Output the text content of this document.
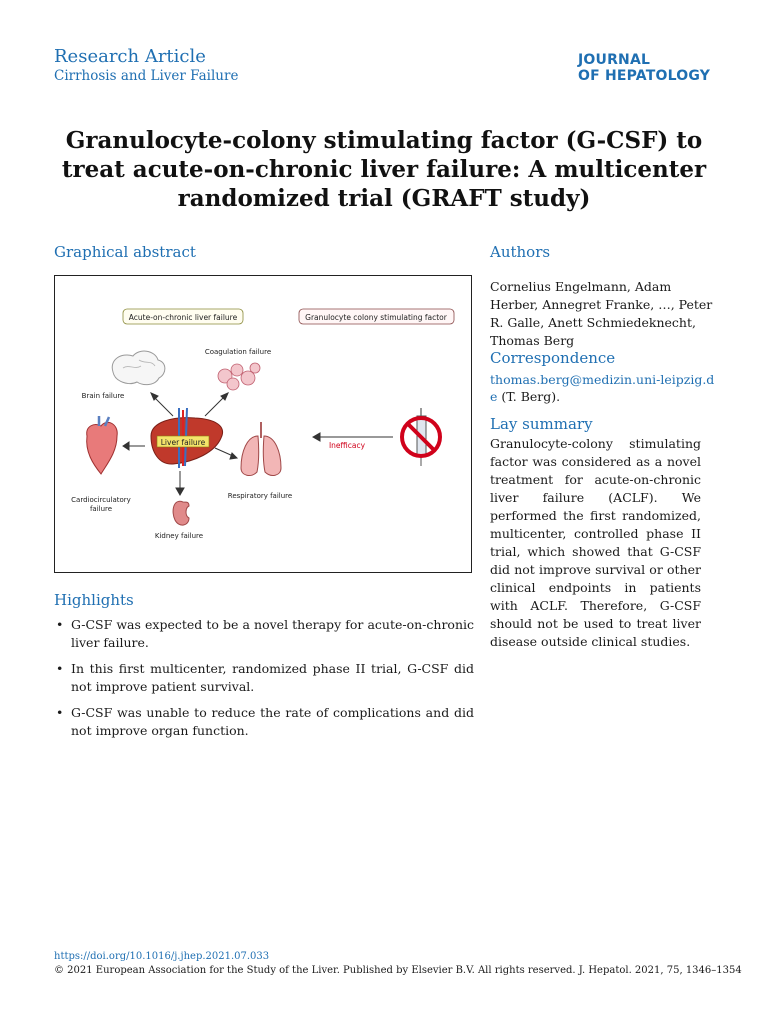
Research Article
Cirrhosis and Liver Failure
JOURNAL
OF HEPATOLOGY
Granulocyte-colony stimulating factor (G-CSF) to treat acute-on-chronic liver failure: A multicenter randomized trial (GRAFT study)
Graphical abstract
Acute-on-chronic liver failure	Granulocyte colony stimulating factor
Coagulation failure
Brain failure
Cardiocirculatory
failure
Liver failure
Respiratory failure
Kidney failure
Inefficacy
Highlights
• G-CSF was expected to be a novel therapy for acute-on-chronic liver failure.
• In this first multicenter, randomized phase II trial, G-CSF did not improve patient survival.
• G-CSF was unable to reduce the rate of complications and did not improve organ function.
Authors
Cornelius Engelmann, Adam Herber, Annegret Franke, …, Peter R. Galle, Anett Schmiedeknecht, Thomas Berg
Correspondence
thomas.berg@medizin.uni-leipzig.de (T. Berg).
Lay summary
Granulocyte-colony stimulating factor was considered as a novel treatment for acute-on-chronic liver failure (ACLF). We performed the first randomized, multicenter, controlled phase II trial, which showed that G-CSF did not improve survival or other clinical endpoints in patients with ACLF. Therefore, G-CSF should not be used to treat liver disease outside clinical studies.
https://doi.org/10.1016/j.jhep.2021.07.033
© 2021 European Association for the Study of the Liver. Published by Elsevier B.V. All rights reserved. J. Hepatol. 2021, 75, 1346–1354
